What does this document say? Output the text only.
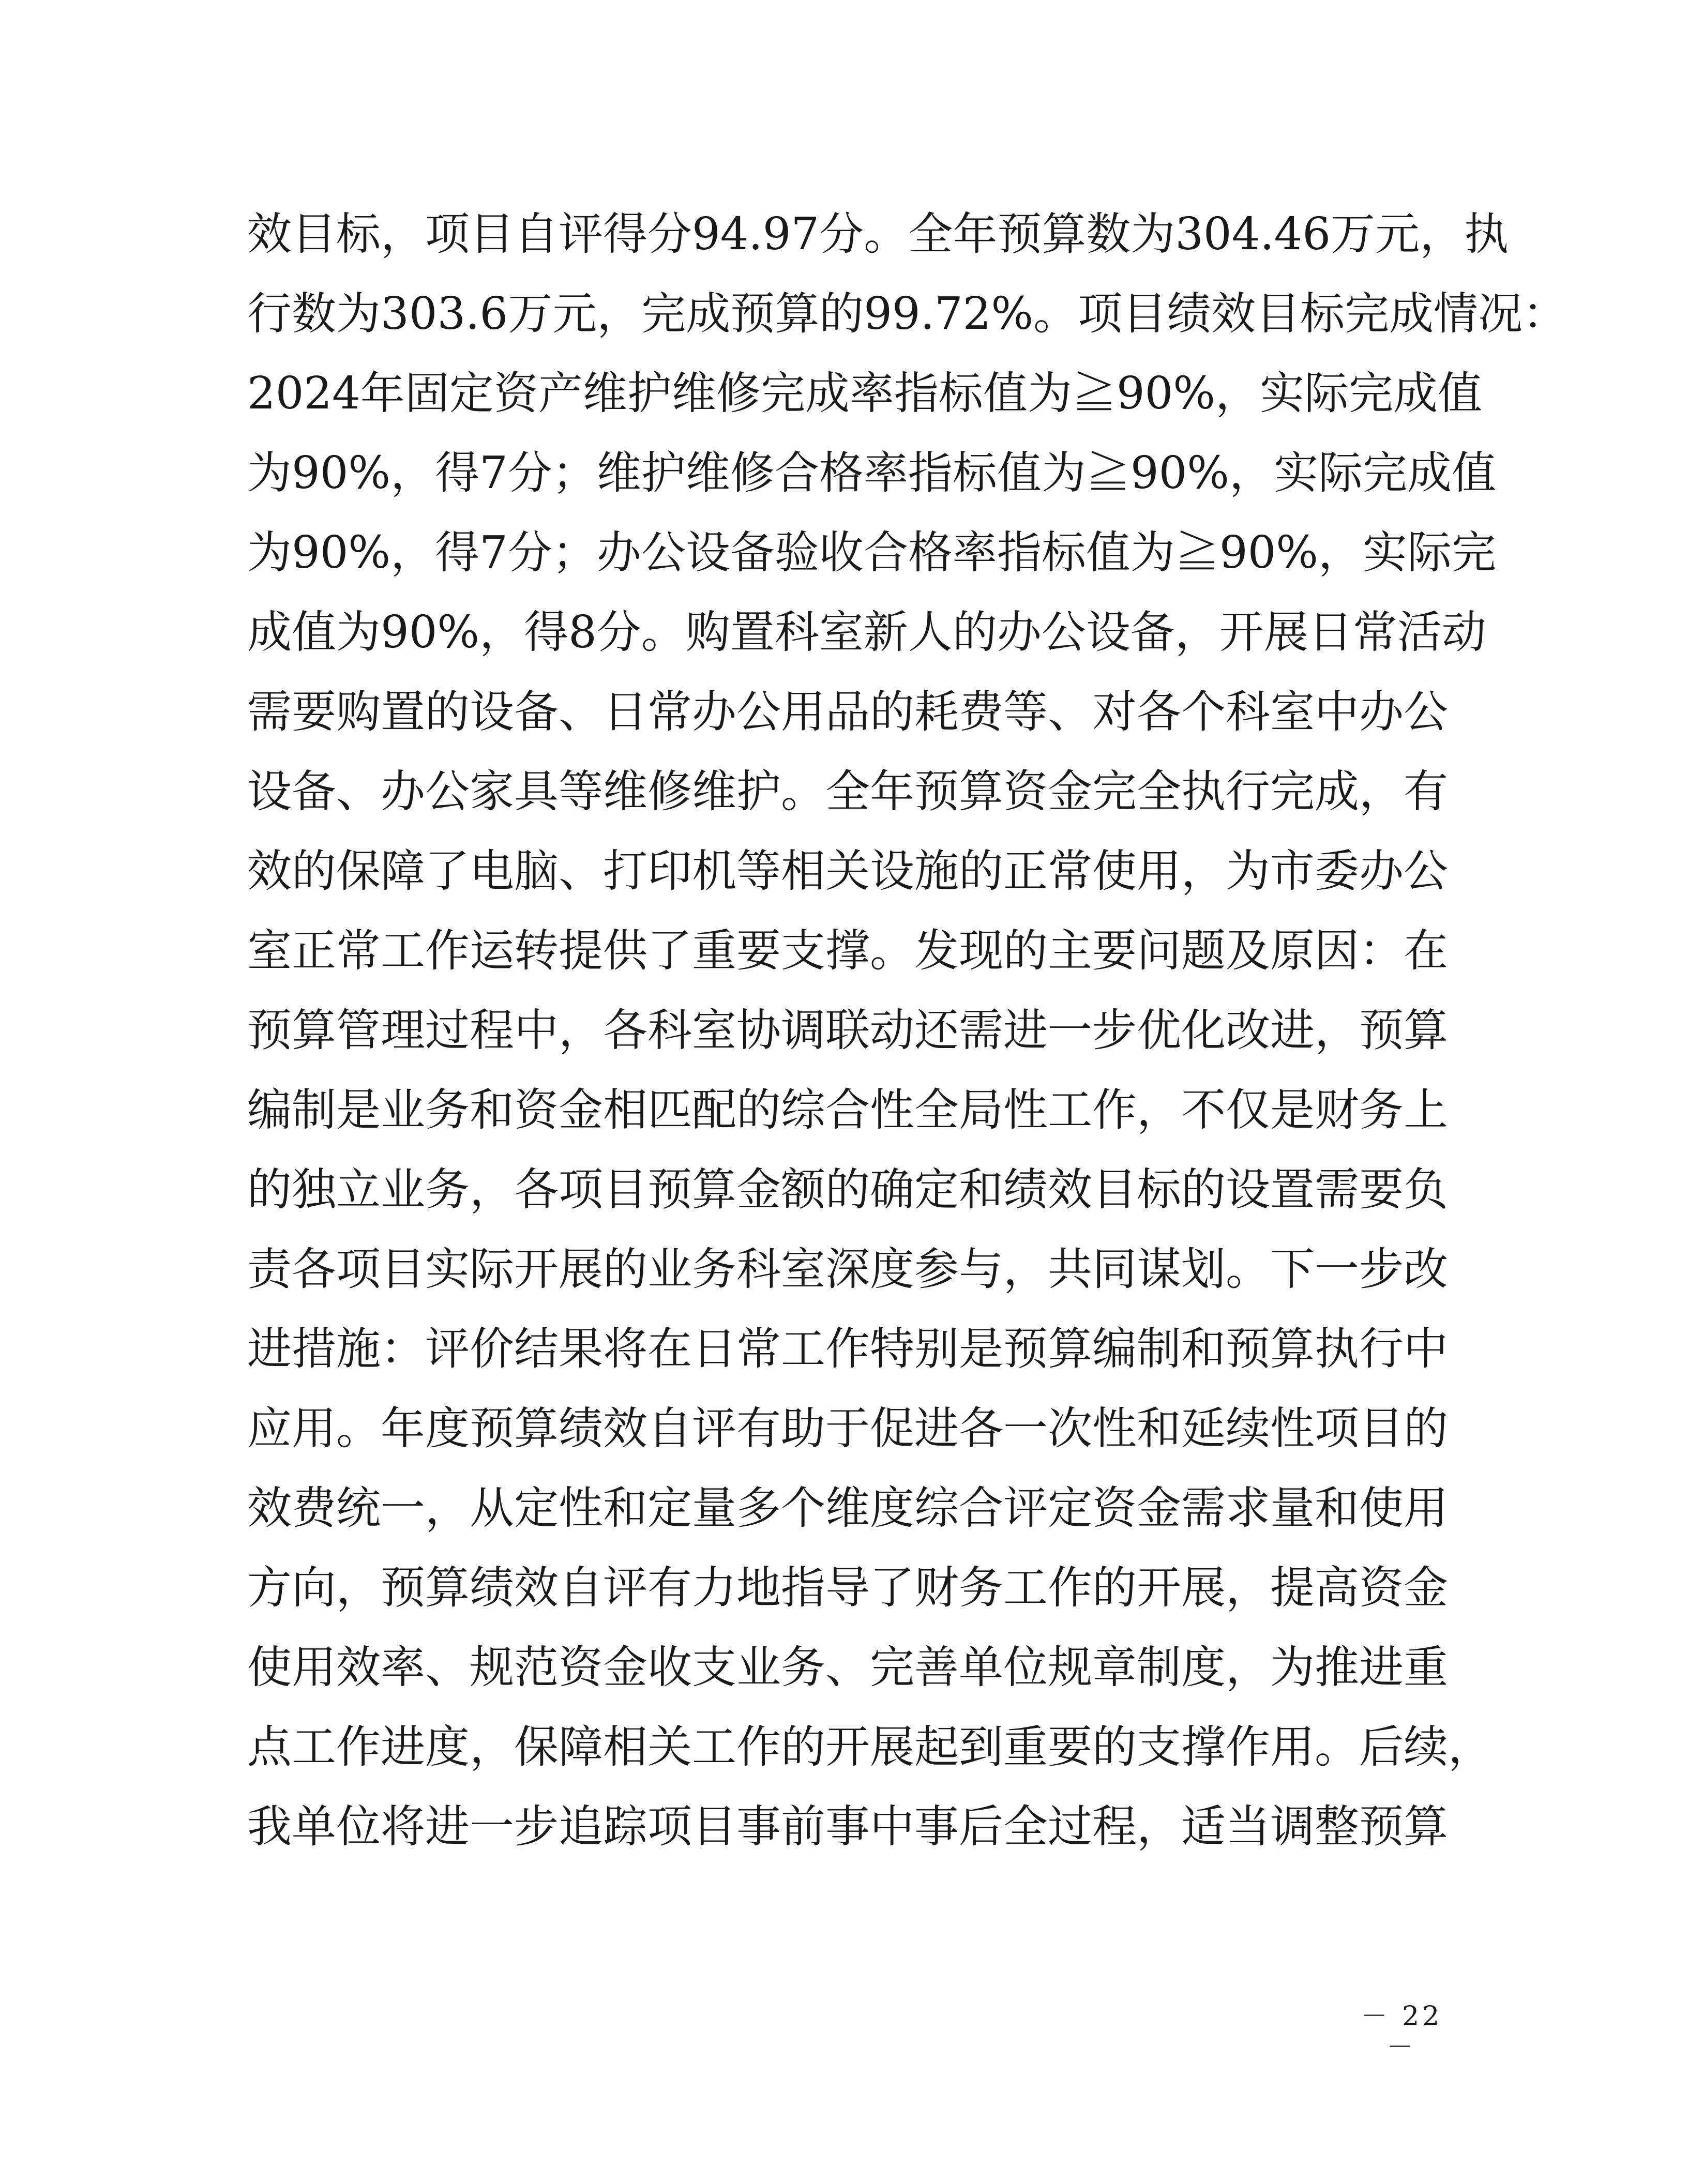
效目标，项目自评得分94.97分。全年预算数为304.46万元，执
行数为303.6万元，完成预算的99.72%。项目绩效目标完成情况：
2024年固定资产维护维修完成率指标值为≧90%，实际完成值
为90%，得7分；维护维修合格率指标值为≧90%，实际完成值
为90%，得7分；办公设备验收合格率指标值为≧90%，实际完
成值为90%，得8分。购置科室新人的办公设备，开展日常活动
需要购置的设备、日常办公用品的耗费等、对各个科室中办公
设备、办公家具等维修维护。全年预算资金完全执行完成，有
效的保障了电脑、打印机等相关设施的正常使用，为市委办公
室正常工作运转提供了重要支撑。发现的主要问题及原因：在
预算管理过程中，各科室协调联动还需进一步优化改进，预算
编制是业务和资金相匹配的综合性全局性工作，不仅是财务上
的独立业务，各项目预算金额的确定和绩效目标的设置需要负
责各项目实际开展的业务科室深度参与，共同谋划。下一步改
进措施：评价结果将在日常工作特别是预算编制和预算执行中
应用。年度预算绩效自评有助于促进各一次性和延续性项目的
效费统一，从定性和定量多个维度综合评定资金需求量和使用
方向，预算绩效自评有力地指导了财务工作的开展，提高资金
使用效率、规范资金收支业务、完善单位规章制度，为推进重
点工作进度，保障相关工作的开展起到重要的支撑作用。后续，
我单位将进一步追踪项目事前事中事后全过程，适当调整预算
－ 22 －
